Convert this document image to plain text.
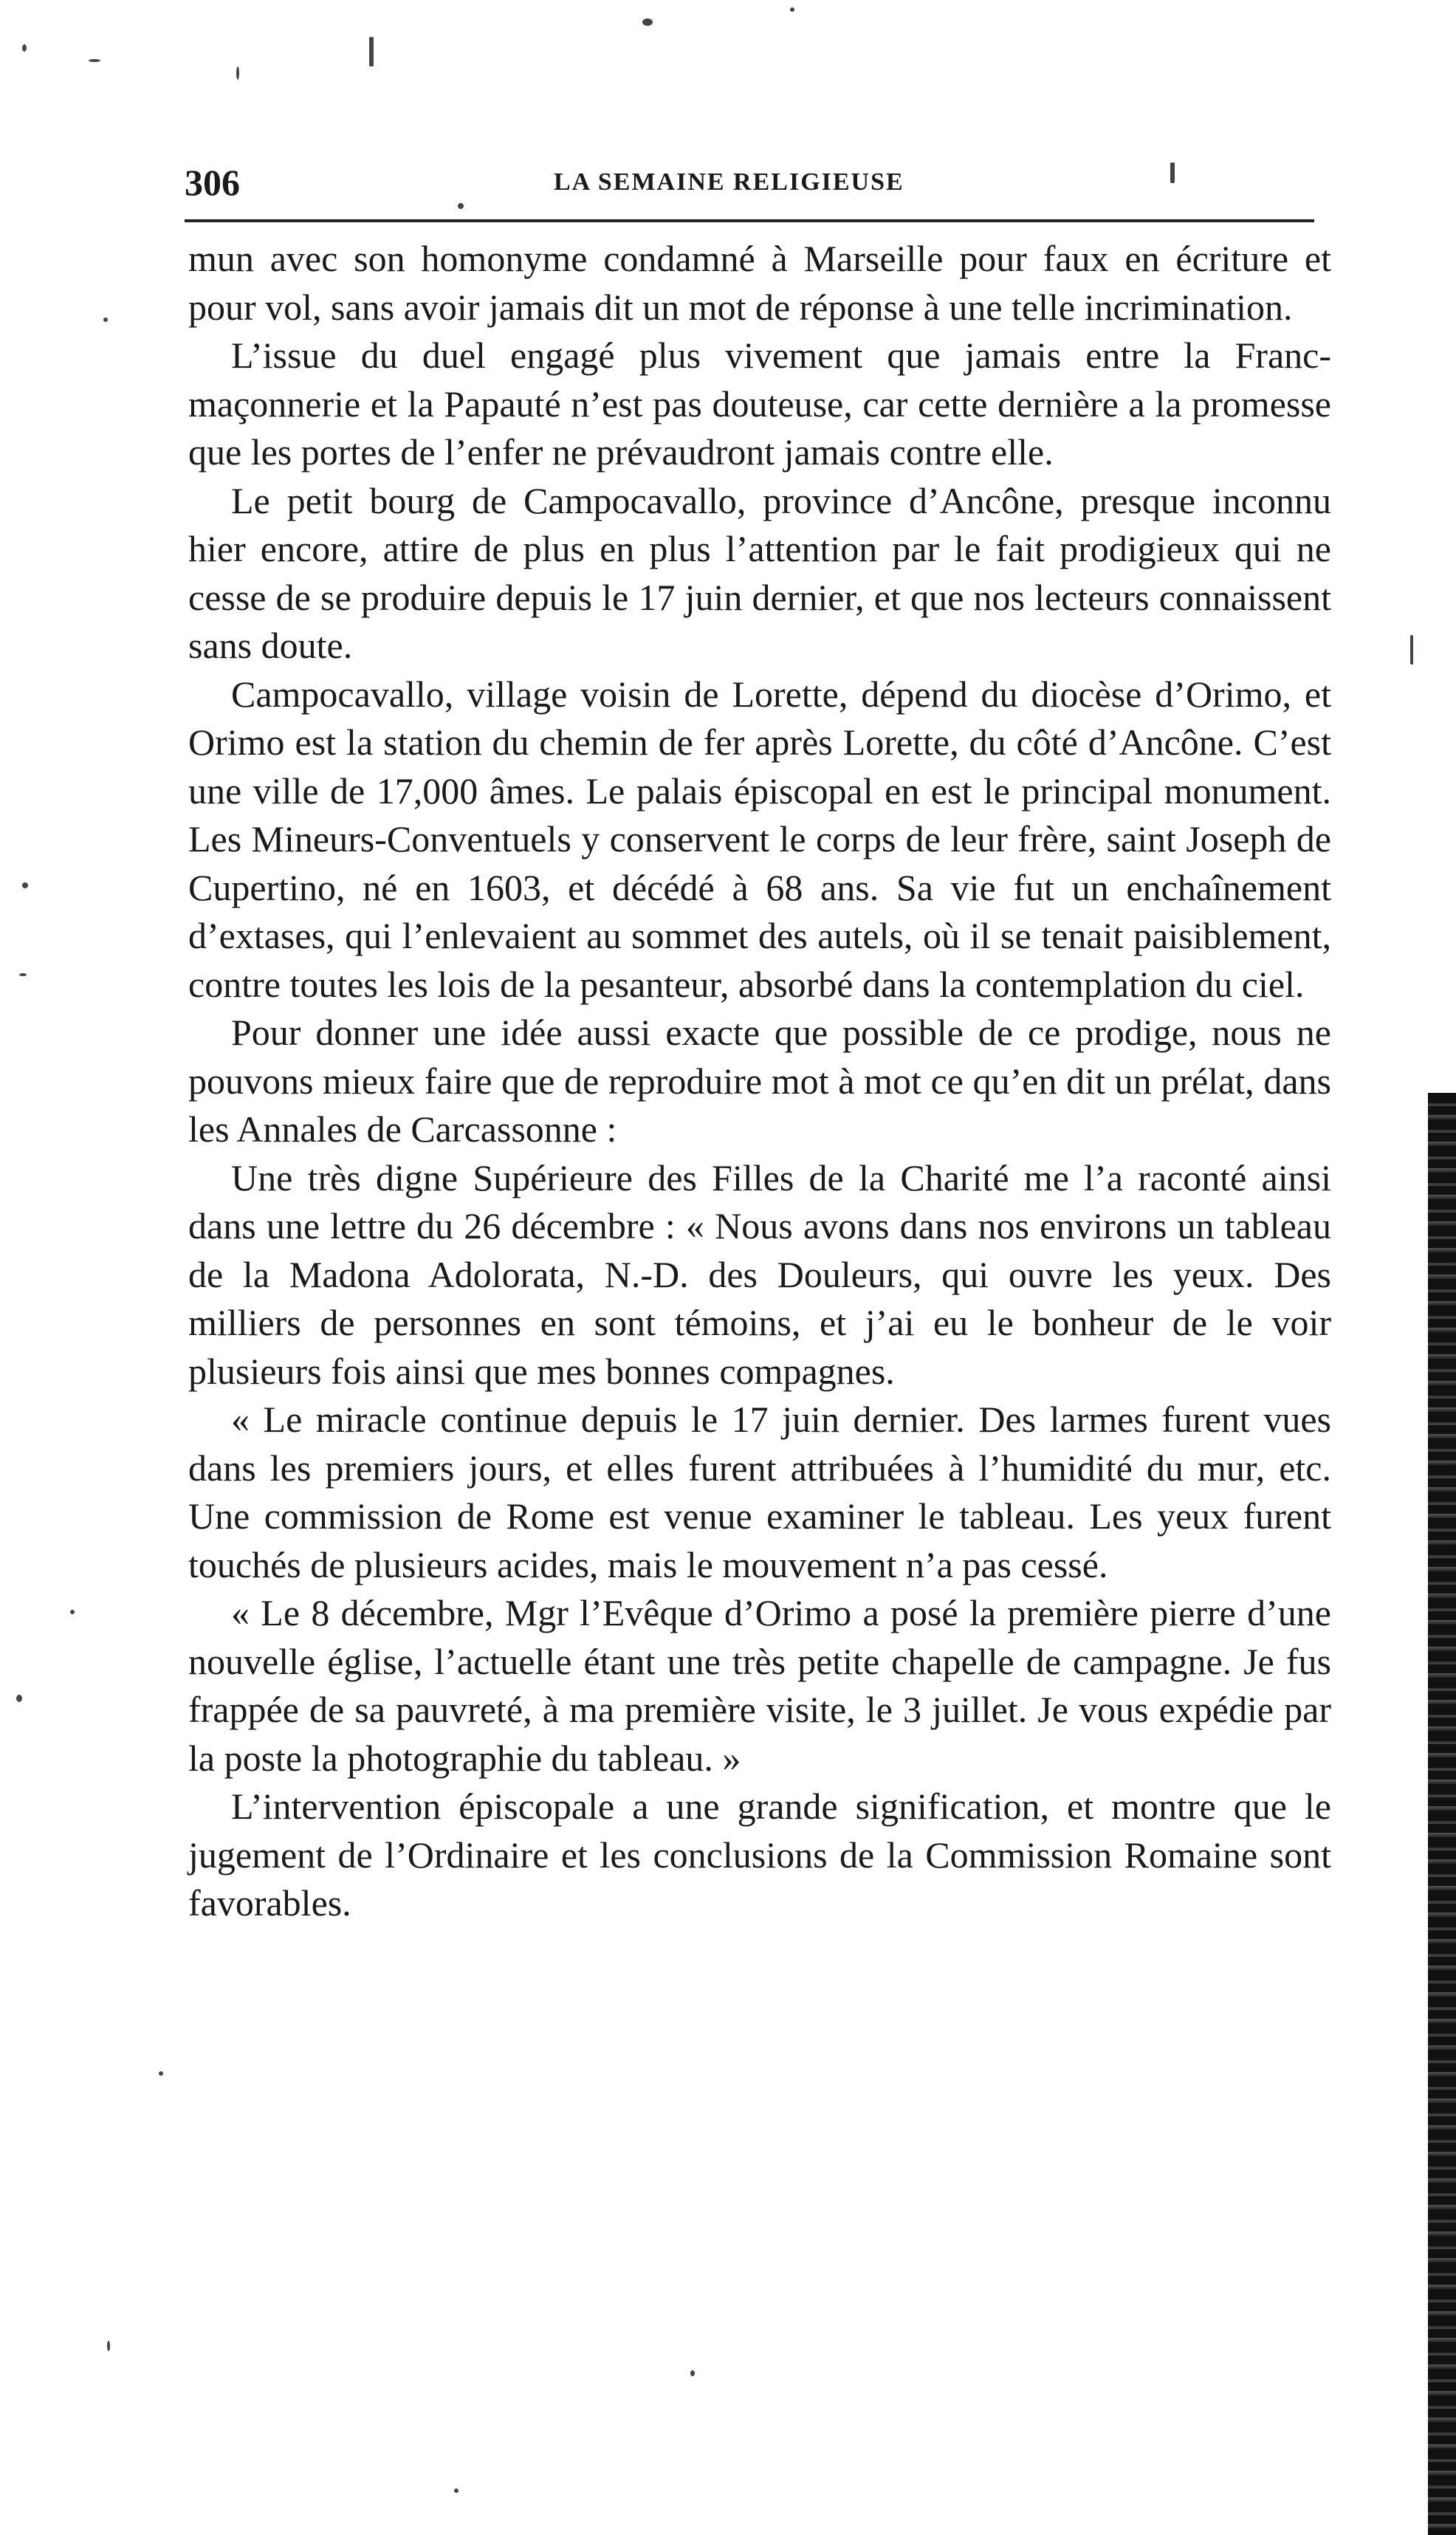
306	LA SEMAINE RELIGIEUSE

mun avec son homonyme condamné à Marseille pour faux en écriture et pour vol, sans avoir jamais dit un mot de réponse à une telle incrimination.

L’issue du duel engagé plus vivement que jamais entre la Franc-maçonnerie et la Papauté n’est pas douteuse, car cette dernière a la promesse que les portes de l’enfer ne prévaudront jamais contre elle.

Le petit bourg de Campocavallo, province d’Ancône, presque inconnu hier encore, attire de plus en plus l’attention par le fait prodigieux qui ne cesse de se produire depuis le 17 juin dernier, et que nos lecteurs connaissent sans doute.

Campocavallo, village voisin de Lorette, dépend du diocèse d’Orimo, et Orimo est la station du chemin de fer après Lorette, du côté d’Ancône. C’est une ville de 17,000 âmes. Le palais épiscopal en est le principal monument. Les Mineurs-Conventuels y conservent le corps de leur frère, saint Joseph de Cupertino, né en 1603, et décédé à 68 ans. Sa vie fut un enchaînement d’extases, qui l’enlevaient au sommet des autels, où il se tenait paisiblement, contre toutes les lois de la pesanteur, absorbé dans la contemplation du ciel.

Pour donner une idée aussi exacte que possible de ce prodige, nous ne pouvons mieux faire que de reproduire mot à mot ce qu’en dit un prélat, dans les Annales de Carcassonne :

Une très digne Supérieure des Filles de la Charité me l’a raconté ainsi dans une lettre du 26 décembre : « Nous avons dans nos environs un tableau de la Madona Adolorata, N.-D. des Douleurs, qui ouvre les yeux. Des milliers de personnes en sont témoins, et j’ai eu le bonheur de le voir plusieurs fois ainsi que mes bonnes compagnes.

« Le miracle continue depuis le 17 juin dernier. Des larmes furent vues dans les premiers jours, et elles furent attribuées à l’humidité du mur, etc. Une commission de Rome est venue examiner le tableau. Les yeux furent touchés de plusieurs acides, mais le mouvement n’a pas cessé.

« Le 8 décembre, Mgr l’Evêque d’Orimo a posé la première pierre d’une nouvelle église, l’actuelle étant une très petite chapelle de campagne. Je fus frappée de sa pauvreté, à ma première visite, le 3 juillet. Je vous expédie par la poste la photographie du tableau. »

L’intervention épiscopale a une grande signification, et montre que le jugement de l’Ordinaire et les conclusions de la Commission Romaine sont favorables.
